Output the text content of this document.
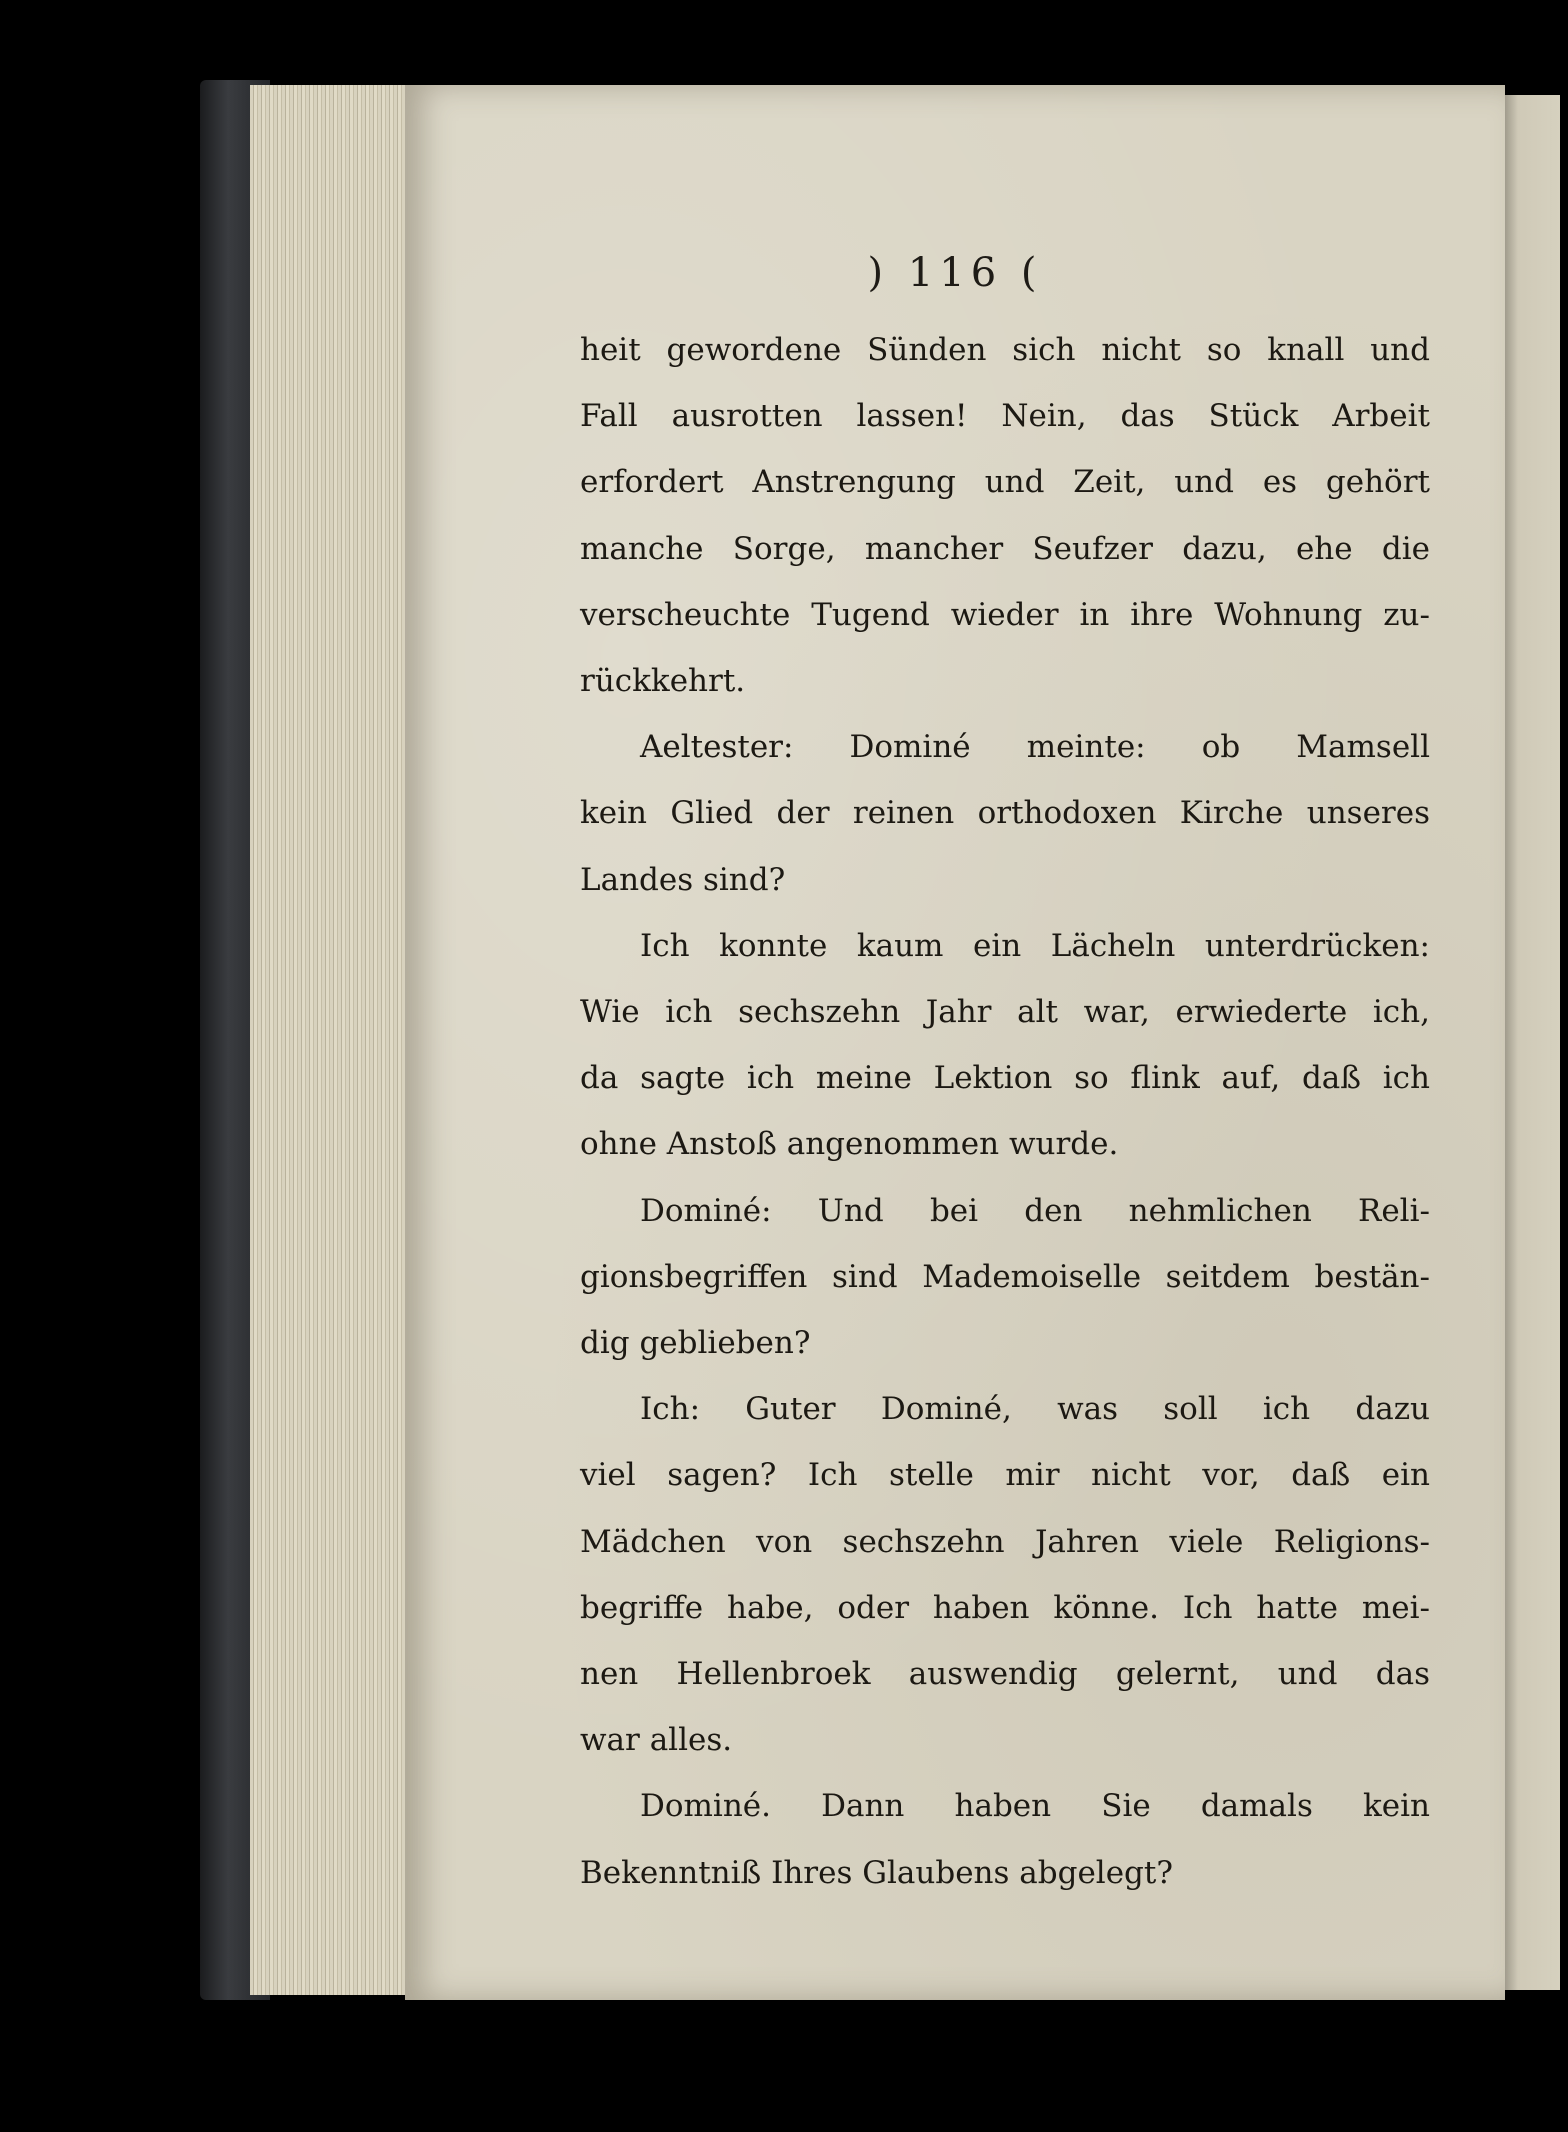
) 116 (
heit gewordene Sünden sich nicht so knall und
Fall ausrotten lassen! Nein, das Stück Arbeit
erfordert Anstrengung und Zeit, und es gehört
manche Sorge, mancher Seufzer dazu, ehe die
verscheuchte Tugend wieder in ihre Wohnung zu-
rückkehrt.
Aeltester: Dominé meinte: ob Mamsell
kein Glied der reinen orthodoxen Kirche unseres
Landes sind?
Ich konnte kaum ein Lächeln unterdrücken:
Wie ich sechszehn Jahr alt war, erwiederte ich,
da sagte ich meine Lektion so flink auf, daß ich
ohne Anstoß angenommen wurde.
Dominé: Und bei den nehmlichen Reli-
gionsbegriffen sind Mademoiselle seitdem bestän-
dig geblieben?
Ich: Guter Dominé, was soll ich dazu
viel sagen? Ich stelle mir nicht vor, daß ein
Mädchen von sechszehn Jahren viele Religions-
begriffe habe, oder haben könne. Ich hatte mei-
nen Hellenbroek auswendig gelernt, und das
war alles.
Dominé. Dann haben Sie damals kein
Bekenntniß Ihres Glaubens abgelegt?
